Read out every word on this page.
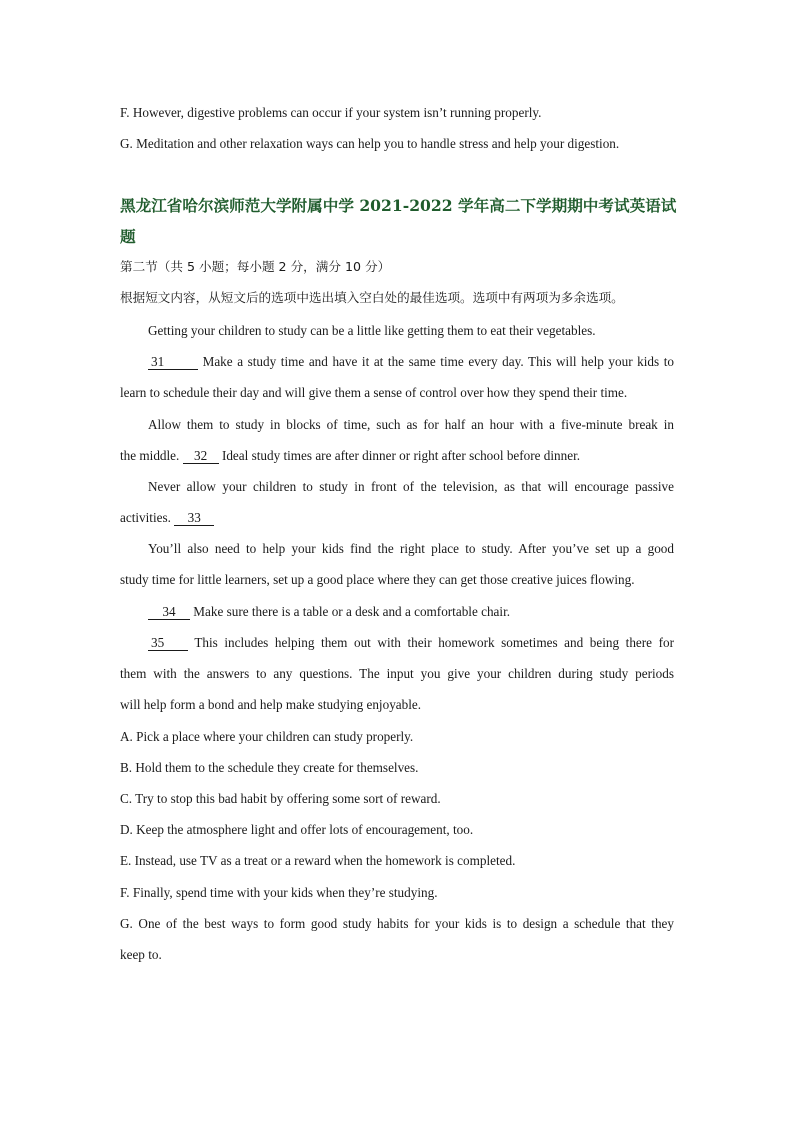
F. However, digestive problems can occur if your system isn’t running properly.
G. Meditation and other relaxation ways can help you to handle stress and help your digestion.
黑龙江省哈尔滨师范大学附属中学 2021-2022 学年高二下学期期中考试英语试
题
第二节（共 5 小题；每小题 2 分，满分 10 分）
根据短文内容，从短文后的选项中选出填入空白处的最佳选项。选项中有两项为多余选项。
Getting your children to study can be a little like getting them to eat their vegetables.
31	Make a study time and have it at the same time every day. This will help your kids to
learn to schedule their day and will give them a sense of control over how they spend their time.
Allow them to study in blocks of time, such as for half an hour with a five-minute break in
the middle. 32 Ideal study times are after dinner or right after school before dinner.
Never allow your children to study in front of the television, as that will encourage passive
activities. 33
You’ll also need to help your kids find the right place to study. After you’ve set up a good
study time for little learners, set up a good place where they can get those creative juices flowing.
34 Make sure there is a table or a desk and a comfortable chair.
35 This includes helping them out with their homework sometimes and being there for
them with the answers to any questions. The input you give your children during study periods
will help form a bond and help make studying enjoyable.
A. Pick a place where your children can study properly.
B. Hold them to the schedule they create for themselves.
C. Try to stop this bad habit by offering some sort of reward.
D. Keep the atmosphere light and offer lots of encouragement, too.
E. Instead, use TV as a treat or a reward when the homework is completed.
F. Finally, spend time with your kids when they’re studying.
G. One of the best ways to form good study habits for your kids is to design a schedule that they
keep to.
